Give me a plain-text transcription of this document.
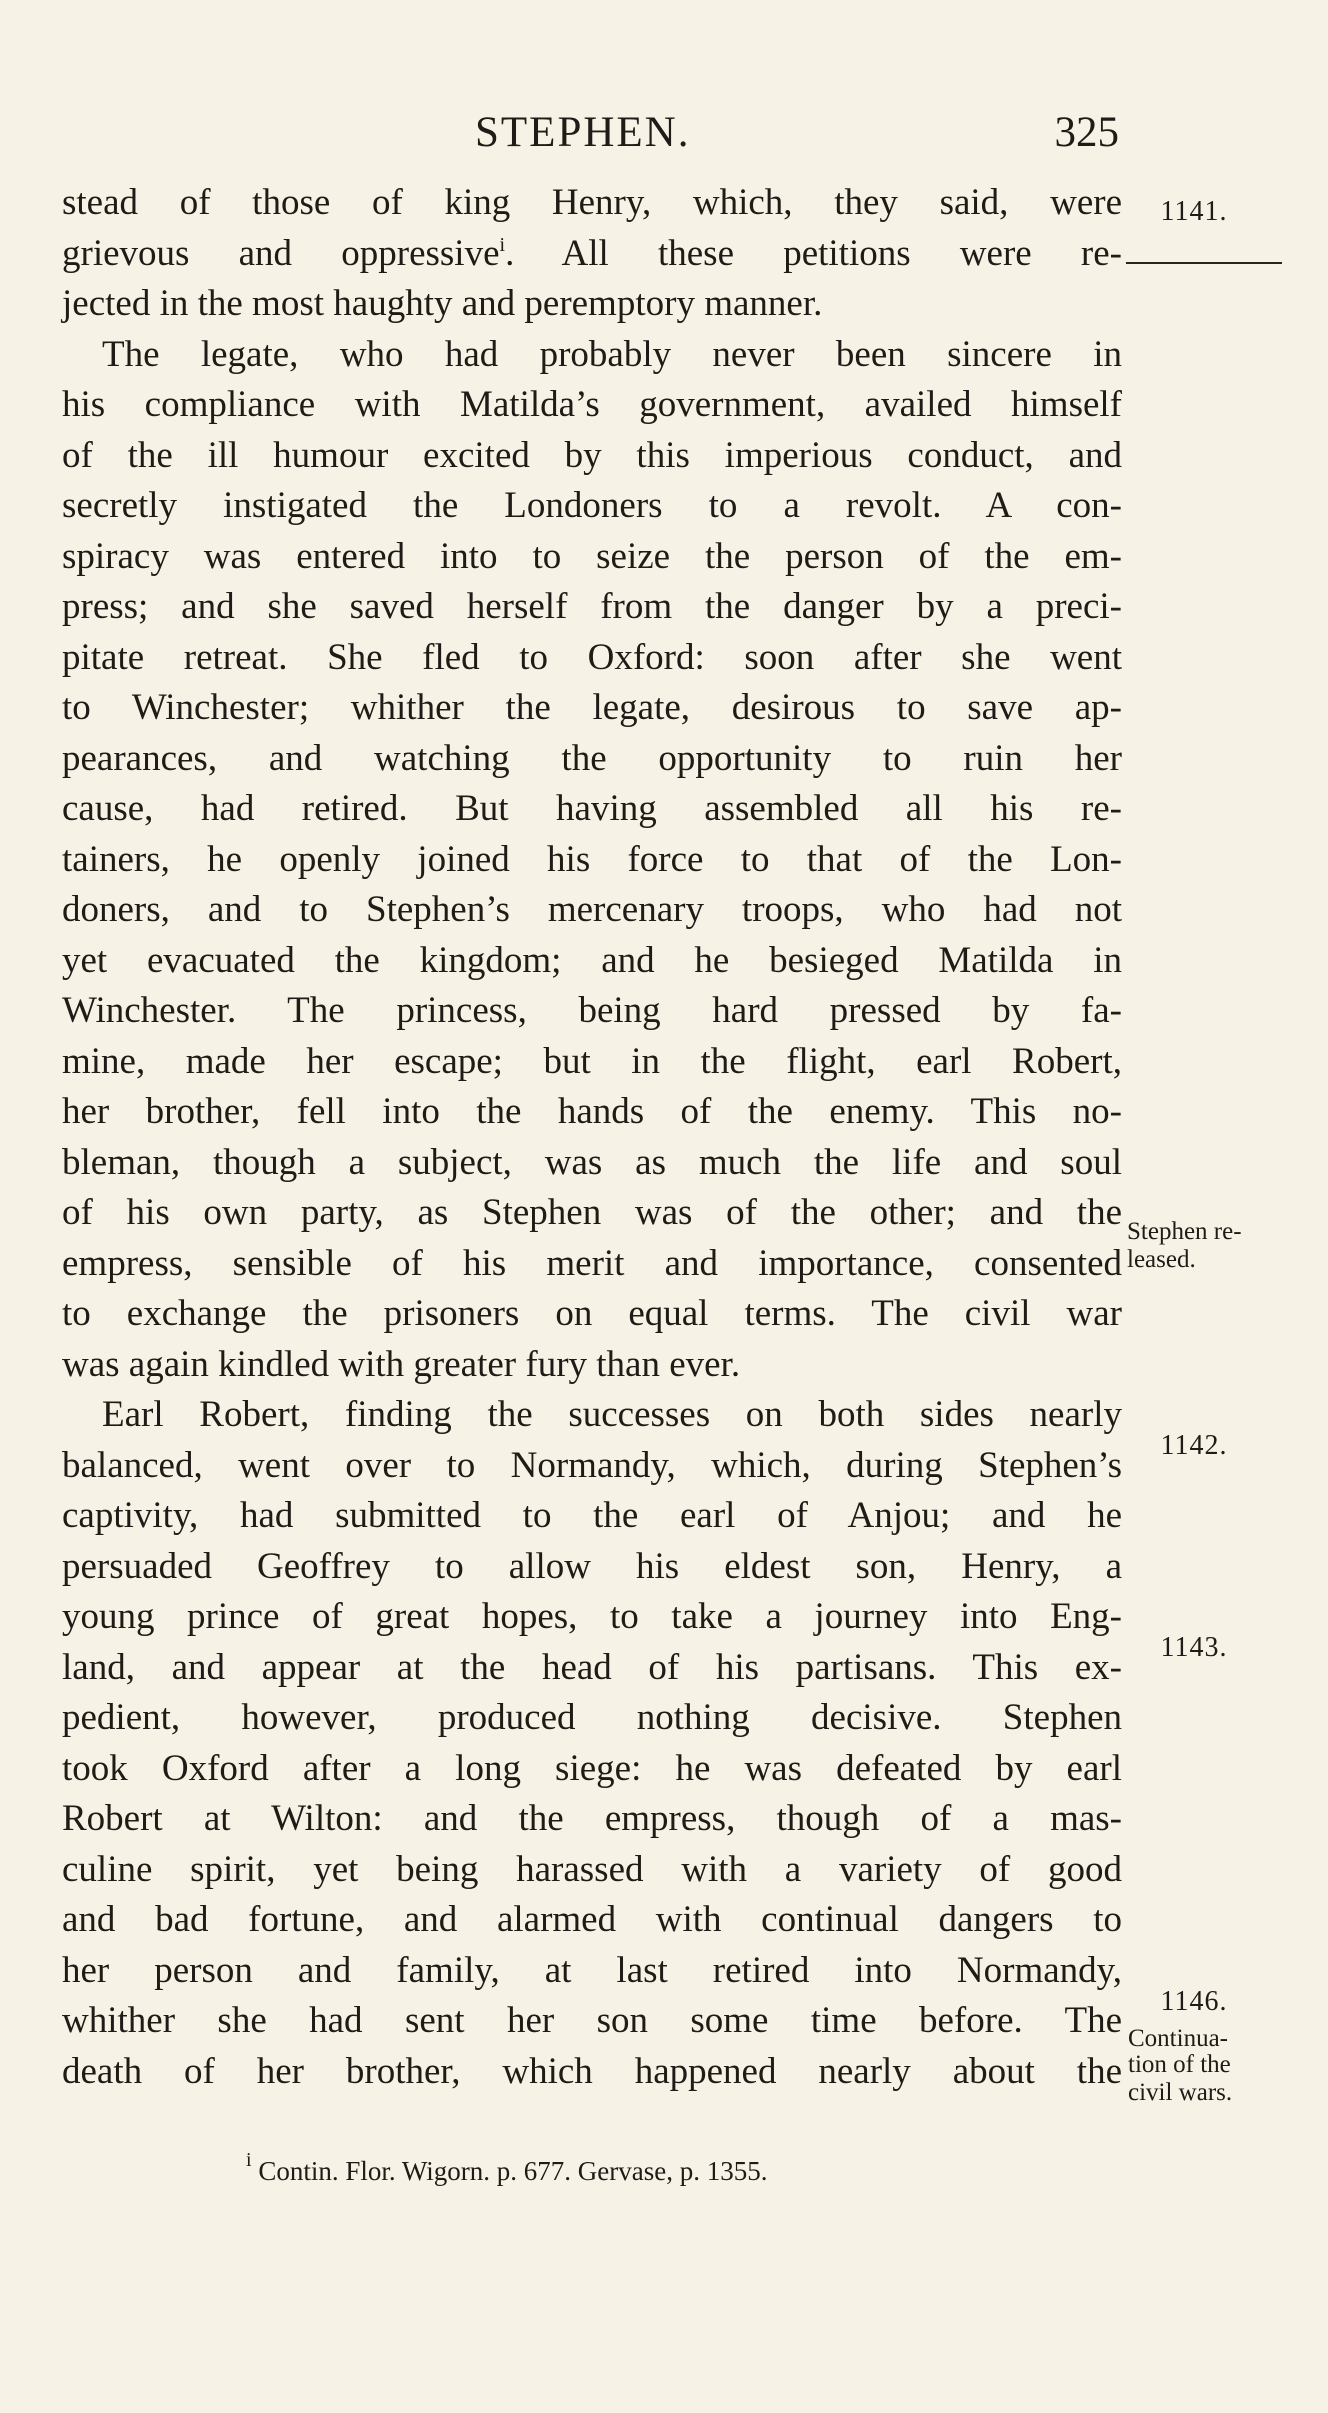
STEPHEN.	325
stead of those of king Henry, which, they said, were
grievous and oppressive$^i$. All these petitions were re-
jected in the most haughty and peremptory manner.
The legate, who had probably never been sincere in
his compliance with Matilda’s government, availed himself
of the ill humour excited by this imperious conduct, and
secretly instigated the Londoners to a revolt. A con-
spiracy was entered into to seize the person of the em-
press; and she saved herself from the danger by a preci-
pitate retreat. She fled to Oxford: soon after she went
to Winchester; whither the legate, desirous to save ap-
pearances, and watching the opportunity to ruin her
cause, had retired. But having assembled all his re-
tainers, he openly joined his force to that of the Lon-
doners, and to Stephen’s mercenary troops, who had not
yet evacuated the kingdom; and he besieged Matilda in
Winchester. The princess, being hard pressed by fa-
mine, made her escape; but in the flight, earl Robert,
her brother, fell into the hands of the enemy. This no-
bleman, though a subject, was as much the life and soul
of his own party, as Stephen was of the other; and the
empress, sensible of his merit and importance, consented
to exchange the prisoners on equal terms. The civil war
was again kindled with greater fury than ever.
Earl Robert, finding the successes on both sides nearly
balanced, went over to Normandy, which, during Stephen’s
captivity, had submitted to the earl of Anjou; and he
persuaded Geoffrey to allow his eldest son, Henry, a
young prince of great hopes, to take a journey into Eng-
land, and appear at the head of his partisans. This ex-
pedient, however, produced nothing decisive. Stephen
took Oxford after a long siege: he was defeated by earl
Robert at Wilton: and the empress, though of a mas-
culine spirit, yet being harassed with a variety of good
and bad fortune, and alarmed with continual dangers to
her person and family, at last retired into Normandy,
whither she had sent her son some time before. The
death of her brother, which happened nearly about the
1141.
Stephen re-
leased.
1142.
1143.
1146.
Continua-
tion of the
civil wars.
$^i$ Contin. Flor. Wigorn. p. 677. Gervase, p. 1355.
